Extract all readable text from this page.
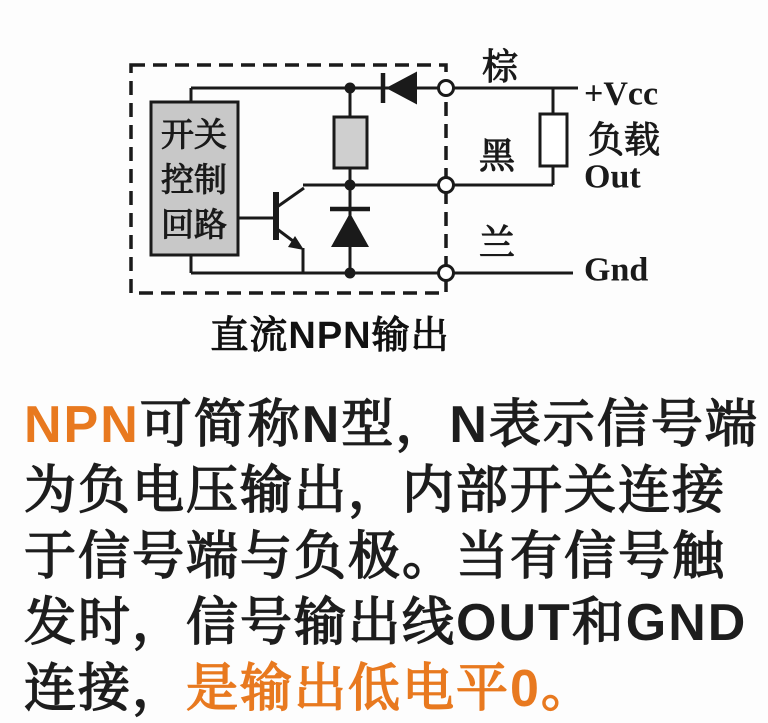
开关
控制
回路
棕
黑
兰
+Vcc
负载
Out
Gnd
直流NPN输出
NPN可简称N型，N表示信号端
为负电压输出，内部开关连接
于信号端与负极。当有信号触
发时，信号输出线OUT和GND
连接，是输出低电平0。
